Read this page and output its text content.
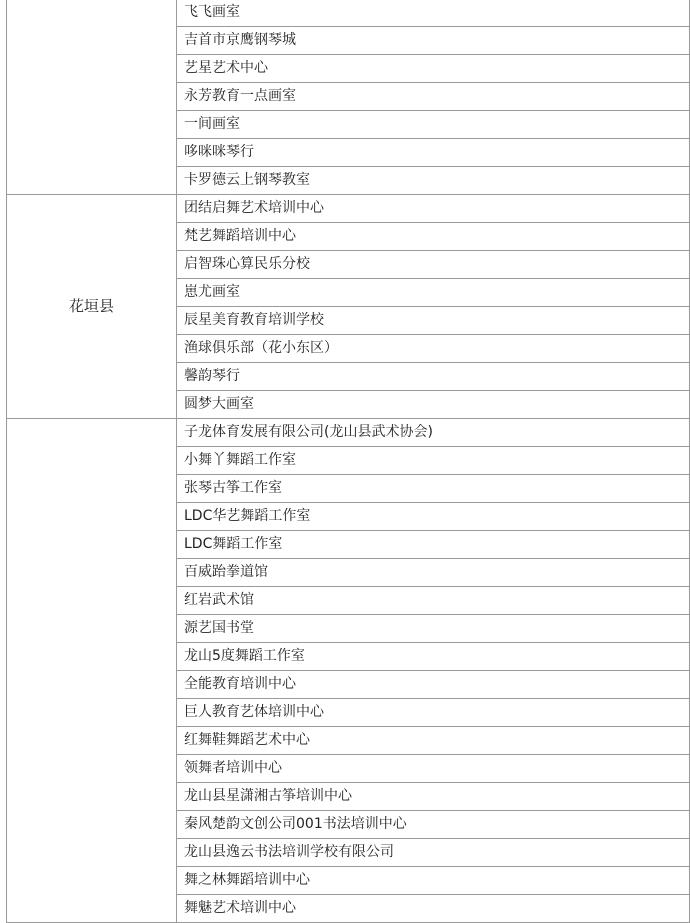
	飞飞画室
	吉首市京鹰钢琴城
	艺星艺术中心
	永芳教育一点画室
	一间画室
	哆咪咪琴行
	卡罗德云上钢琴教室
花垣县	团结启舞艺术培训中心
	梵艺舞蹈培训中心
	启智珠心算民乐分校
	崽尤画室
	辰星美育教育培训学校
	渔球俱乐部（花小东区）
	馨韵琴行
	圆梦大画室
	子龙体育发展有限公司(龙山县武术协会)
	小舞丫舞蹈工作室
	张琴古筝工作室
	LDC华艺舞蹈工作室
	LDC舞蹈工作室
	百威跆拳道馆
	红岩武术馆
	源艺国书堂
	龙山5度舞蹈工作室
	全能教育培训中心
	巨人教育艺体培训中心
	红舞鞋舞蹈艺术中心
	领舞者培训中心
	龙山县星潇湘古筝培训中心
	秦风楚韵文创公司001书法培训中心
	龙山县逸云书法培训学校有限公司
	舞之林舞蹈培训中心
	舞魅艺术培训中心
